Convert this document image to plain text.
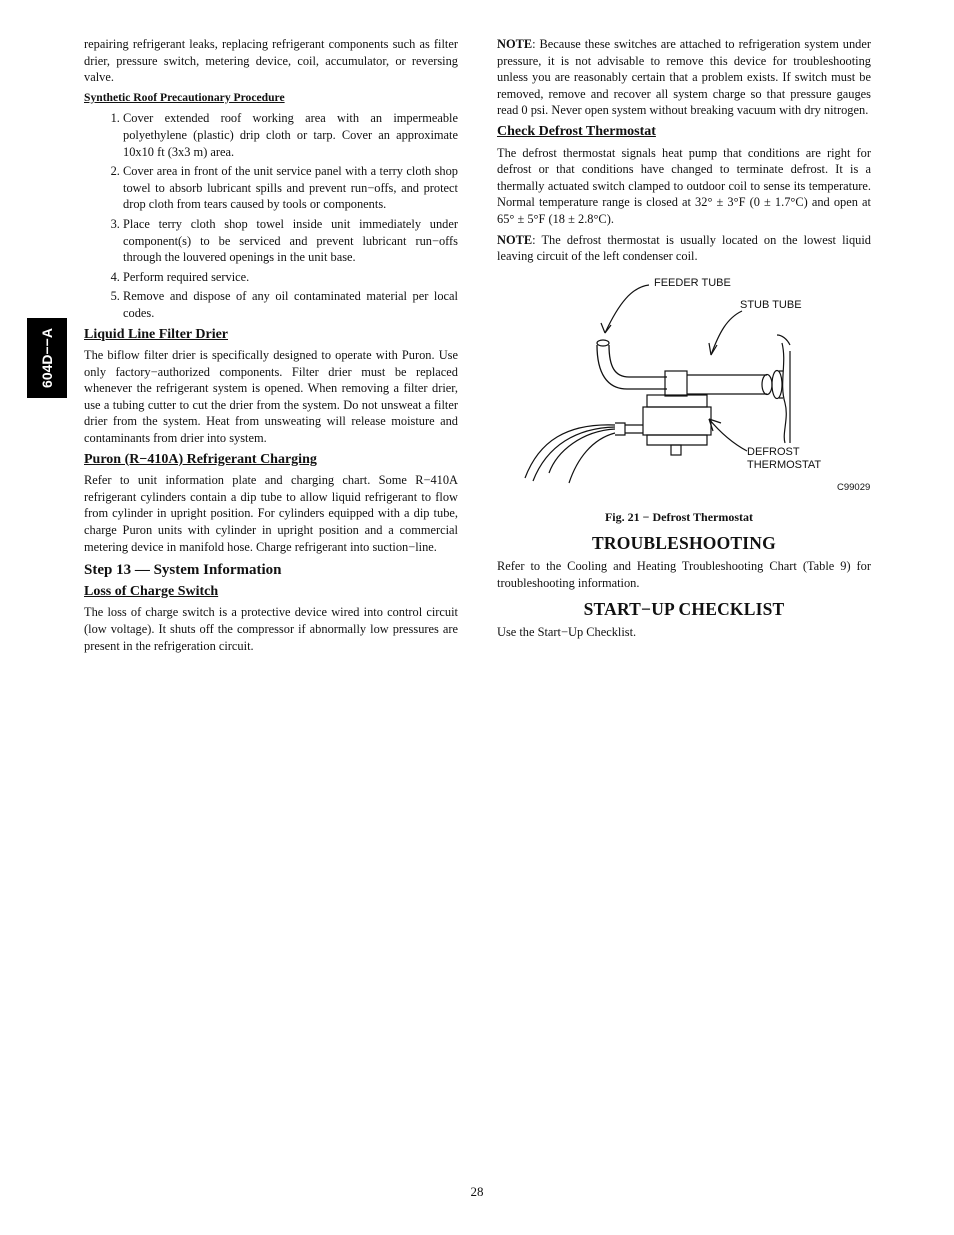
604D−−A

repairing refrigerant leaks, replacing refrigerant components such as filter drier, pressure switch, metering device, coil, accumulator, or reversing valve.

Synthetic Roof Precautionary Procedure
1. Cover extended roof working area with an impermeable polyethylene (plastic) drip cloth or tarp. Cover an approximate 10x10 ft (3x3 m) area.
2. Cover area in front of the unit service panel with a terry cloth shop towel to absorb lubricant spills and prevent run−offs, and protect drop cloth from tears caused by tools or components.
3. Place terry cloth shop towel inside unit immediately under component(s) to be serviced and prevent lubricant run−offs through the louvered openings in the unit base.
4. Perform required service.
5. Remove and dispose of any oil contaminated material per local codes.
Liquid Line Filter Drier

The biflow filter drier is specifically designed to operate with Puron. Use only factory−authorized components. Filter drier must be replaced whenever the refrigerant system is opened. When removing a filter drier, use a tubing cutter to cut the drier from the system. Do not unsweat a filter drier from the system. Heat from unsweating will release moisture and contaminants from drier into system.

Puron (R−410A) Refrigerant Charging

Refer to unit information plate and charging chart. Some R−410A refrigerant cylinders contain a dip tube to allow liquid refrigerant to flow from cylinder in upright position. For cylinders equipped with a dip tube, charge Puron units with cylinder in upright position and a commercial metering device in manifold hose. Charge refrigerant into suction−line.

Step 13 — System Information
Loss of Charge Switch

The loss of charge switch is a protective device wired into control circuit (low voltage). It shuts off the compressor if abnormally low pressures are present in the refrigeration circuit.

NOTE: Because these switches are attached to refrigeration system under pressure, it is not advisable to remove this device for troubleshooting unless you are reasonably certain that a problem exists. If switch must be removed, remove and recover all system charge so that pressure gauges read 0 psi. Never open system without breaking vacuum with dry nitrogen.

Check Defrost Thermostat

The defrost thermostat signals heat pump that conditions are right for defrost or that conditions have changed to terminate defrost. It is a thermally actuated switch clamped to outdoor coil to sense its temperature. Normal temperature range is closed at 32° ± 3°F (0 ± 1.7°C) and open at 65° ± 5°F (18 ± 2.8°C).

NOTE: The defrost thermostat is usually located on the lowest liquid leaving circuit of the left condenser coil.

FEEDER TUBE
STUB TUBE
DEFROST
THERMOSTAT
C99029
Fig. 21 − Defrost Thermostat
TROUBLESHOOTING

Refer to the Cooling and Heating Troubleshooting Chart (Table 9) for troubleshooting information.

START−UP CHECKLIST

Use the Start−Up Checklist.

28
